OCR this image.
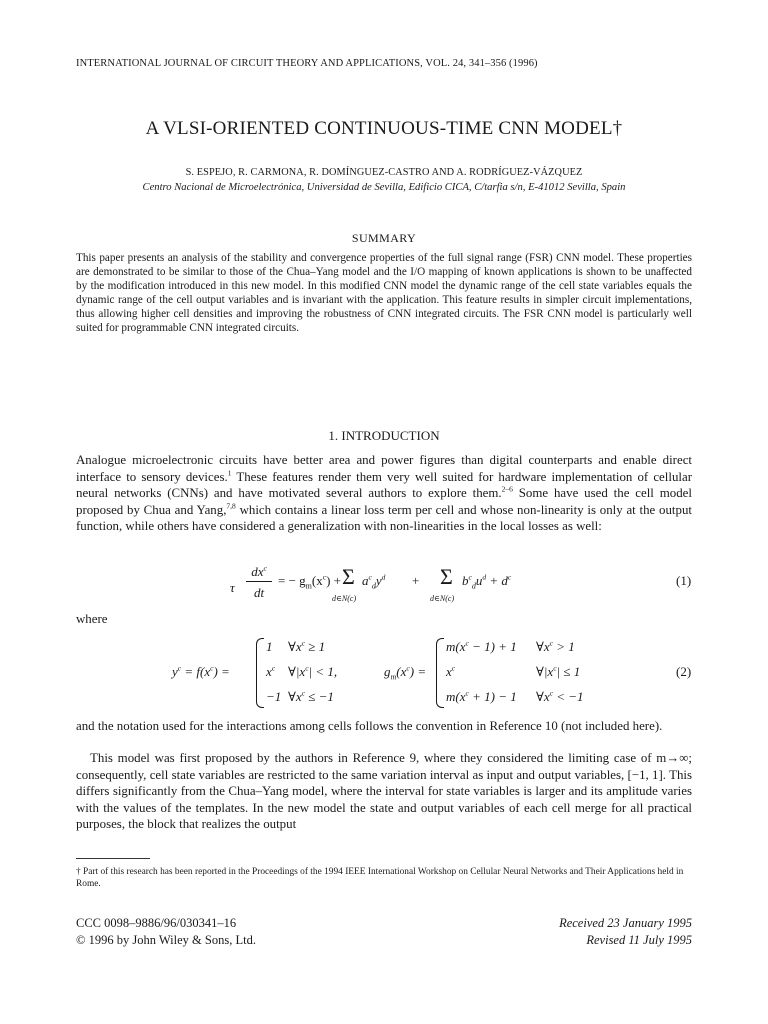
INTERNATIONAL JOURNAL OF CIRCUIT THEORY AND APPLICATIONS, VOL. 24, 341–356 (1996)
A VLSI-ORIENTED CONTINUOUS-TIME CNN MODEL†
S. ESPEJO, R. CARMONA, R. DOMÍNGUEZ-CASTRO AND A. RODRÍGUEZ-VÁZQUEZ
Centro Nacional de Microelectrónica, Universidad de Sevilla, Edificio CICA, C/tarfia s/n, E-41012 Sevilla, Spain
SUMMARY
This paper presents an analysis of the stability and convergence properties of the full signal range (FSR) CNN model. These properties are demonstrated to be similar to those of the Chua–Yang model and the I/O mapping of known applications is shown to be unaffected by the modification introduced in this new model. In this modified CNN model the dynamic range of the cell state variables equals the dynamic range of the cell output variables and is invariant with the application. This feature results in simpler circuit implementations, thus allowing higher cell densities and improving the robustness of CNN integrated circuits. The FSR CNN model is particularly well suited for programmable CNN integrated circuits.
1. INTRODUCTION
Analogue microelectronic circuits have better area and power figures than digital counterparts and enable direct interface to sensory devices.$^1$ These features render them very well suited for hardware implementation of cellular neural networks (CNNs) and have motivated several authors to explore them.$^{2-6}$ Some have used the cell model proposed by Chua and Yang,$^{7,8}$ which contains a linear loss term per cell and whose non-linearity is only at the output function, while others have considered a generalization with non-linearities in the local losses as well:
τ
$dx^c$
dt
= − $g_m(x^c) + \Sigma$
d∈N(c)
$a^c_dy^d + \Sigma$
d∈N(c)
$b^c_du^d + d^c$	(1)
where
$y^c = f(x^c)$ =
1 $\forall x^c \ge 1$
$x^c$ $\forall|x^c| < 1$,
−1 $\forall x^c \le -1$
$g_m(x^c)$ =
$m(x^c - 1) + 1$ $\forall x^c > 1$
$x^c$	$\forall|x^c| \le 1$
$m(x^c + 1) - 1$ $\forall x^c < -1$
(2)
and the notation used for the interactions among cells follows the convention in Reference 10 (not included here).
This model was first proposed by the authors in Reference 9, where they considered the limiting case of m→∞; consequently, cell state variables are restricted to the same variation interval as input and output variables, [−1, 1]. This differs significantly from the Chua–Yang model, where the interval for state variables is larger and its amplitude varies with the values of the templates. In the new model the state and output variables of each cell merge for all practical purposes, the block that realizes the output
† Part of this research has been reported in the Proceedings of the 1994 IEEE International Workshop on Cellular Neural Networks and Their Applications held in Rome.
CCC 0098–9886/96/030341–16
© 1996 by John Wiley & Sons, Ltd.
Received 23 January 1995
Revised 11 July 1995
